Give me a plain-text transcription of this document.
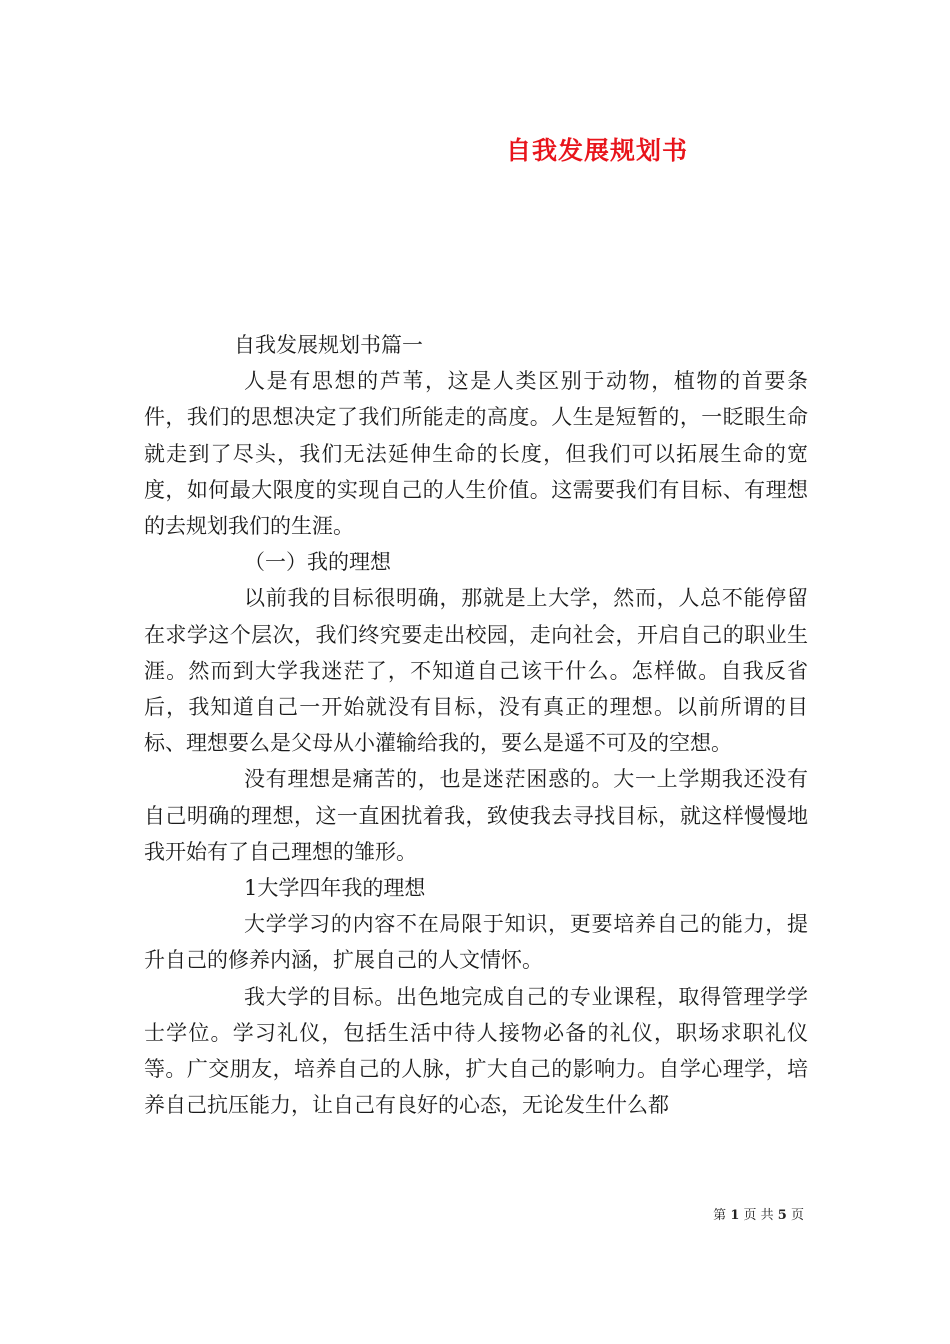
自我发展规划书

自我发展规划书篇一

人是有思想的芦苇，这是人类区别于动物，植物的首要条件，我们的思想决定了我们所能走的高度。人生是短暂的，一眨眼生命就走到了尽头，我们无法延伸生命的长度，但我们可以拓展生命的宽度，如何最大限度的实现自己的人生价值。这需要我们有目标、有理想的去规划我们的生涯。

（一）我的理想

以前我的目标很明确，那就是上大学，然而，人总不能停留在求学这个层次，我们终究要走出校园，走向社会，开启自己的职业生涯。然而到大学我迷茫了，不知道自己该干什么。怎样做。自我反省后，我知道自己一开始就没有目标，没有真正的理想。以前所谓的目标、理想要么是父母从小灌输给我的，要么是遥不可及的空想。

没有理想是痛苦的，也是迷茫困惑的。大一上学期我还没有自己明确的理想，这一直困扰着我，致使我去寻找目标，就这样慢慢地我开始有了自己理想的雏形。

1大学四年我的理想

大学学习的内容不在局限于知识，更要培养自己的能力，提升自己的修养内涵，扩展自己的人文情怀。

我大学的目标。出色地完成自己的专业课程，取得管理学学士学位。学习礼仪，包括生活中待人接物必备的礼仪，职场求职礼仪等。广交朋友，培养自己的人脉，扩大自己的影响力。自学心理学，培养自己抗压能力，让自己有良好的心态，无论发生什么都

第 1 页 共 5 页
